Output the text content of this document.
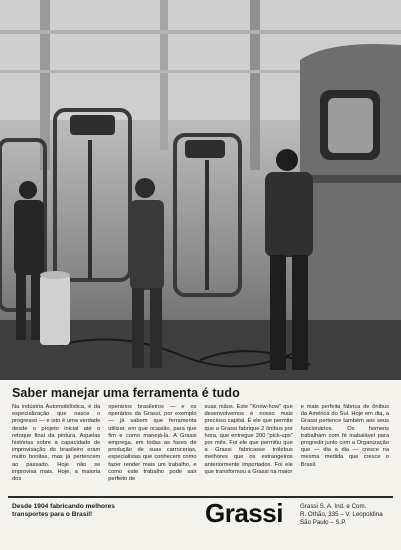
Saber manejar uma ferramenta é tudo

Na indústria Automobilística, é da especialização que nasce o progresso — e isto é uma verdade desde o projeto inicial até o retoque final da pintura. Aquelas histórias sobre a capacidade de improvisação do brasileiro eram muito bonitas, mas já pertencem ao passado. Hoje não se improvisa mais. Hoje, a maioria dos

operários brasileiros — e os operários da Grassi, por exemplo — já sabem que ferramenta utilizar, em que ocasião, para que fim e como manejá-la. A Grassi emprega, em todas as fases de produção de suas carrocerias, especialistas que conhecem como fazer render mais um trabalho, e como este trabalho pode sair perfeito de

suas mãos. Este "Know-how" que desenvolvemos é nosso mais precioso capital. É ele que permite que a Grassi fabrique 2 ônibus por hora, que entregue 200 "pick-ups" por mês. Foi ele que permitiu que a Grassi fabricasse trólebus melhores que os estrangeiros anteriormente importados. Foi ele que transformou a Grassi na maior

e mais perfeita fábrica de ônibus da América do Sul. Hoje em dia, a Grassi pertence também aos seus funcionários. Os homens trabalham com fé inabalável para progredir junto com a Organização que — dia a dia — cresce na mesma medida que cresce o Brasil.

Desde 1904 fabricando melhores transportes para o Brasil!	Grassi	Grassi S. A. Ind. e Com.
R. Othão, 335 – V. Leopoldina
São Paulo – S.P.
